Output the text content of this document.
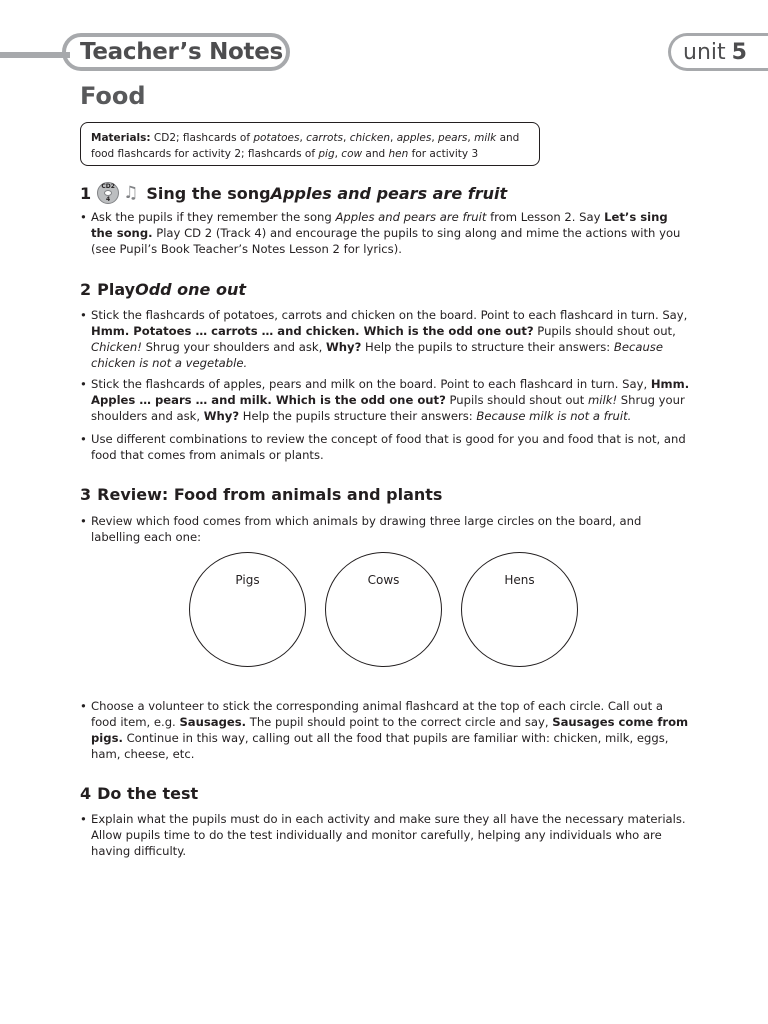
Teacher’s Notes	unit 5
Food
Materials: CD2; flashcards of potatoes, carrots, chicken, apples, pears, milk and food flashcards for activity 2; flashcards of pig, cow and hen for activity 3
1 CD2
4 ♫ Sing the song Apples and pears are fruit
• Ask the pupils if they remember the song Apples and pears are fruit from Lesson 2. Say Let’s sing the song. Play CD 2 (Track 4) and encourage the pupils to sing along and mime the actions with you (see Pupil’s Book Teacher’s Notes Lesson 2 for lyrics).
2 Play Odd one out
• Stick the flashcards of potatoes, carrots and chicken on the board. Point to each flashcard in turn. Say, Hmm. Potatoes … carrots … and chicken. Which is the odd one out? Pupils should shout out, Chicken! Shrug your shoulders and ask, Why? Help the pupils to structure their answers: Because chicken is not a vegetable.
• Stick the flashcards of apples, pears and milk on the board. Point to each flashcard in turn. Say, Hmm. Apples … pears … and milk. Which is the odd one out? Pupils should shout out milk! Shrug your shoulders and ask, Why? Help the pupils structure their answers: Because milk is not a fruit.
• Use different combinations to review the concept of food that is good for you and food that is not, and food that comes from animals or plants.
3 Review: Food from animals and plants
• Review which food comes from which animals by drawing three large circles on the board, and labelling each one:
Pigs	Cows	Hens
• Choose a volunteer to stick the corresponding animal flashcard at the top of each circle. Call out a food item, e.g. Sausages. The pupil should point to the correct circle and say, Sausages come from pigs. Continue in this way, calling out all the food that pupils are familiar with: chicken, milk, eggs, ham, cheese, etc.
4 Do the test
• Explain what the pupils must do in each activity and make sure they all have the necessary materials. Allow pupils time to do the test individually and monitor carefully, helping any individuals who are having difficulty.
